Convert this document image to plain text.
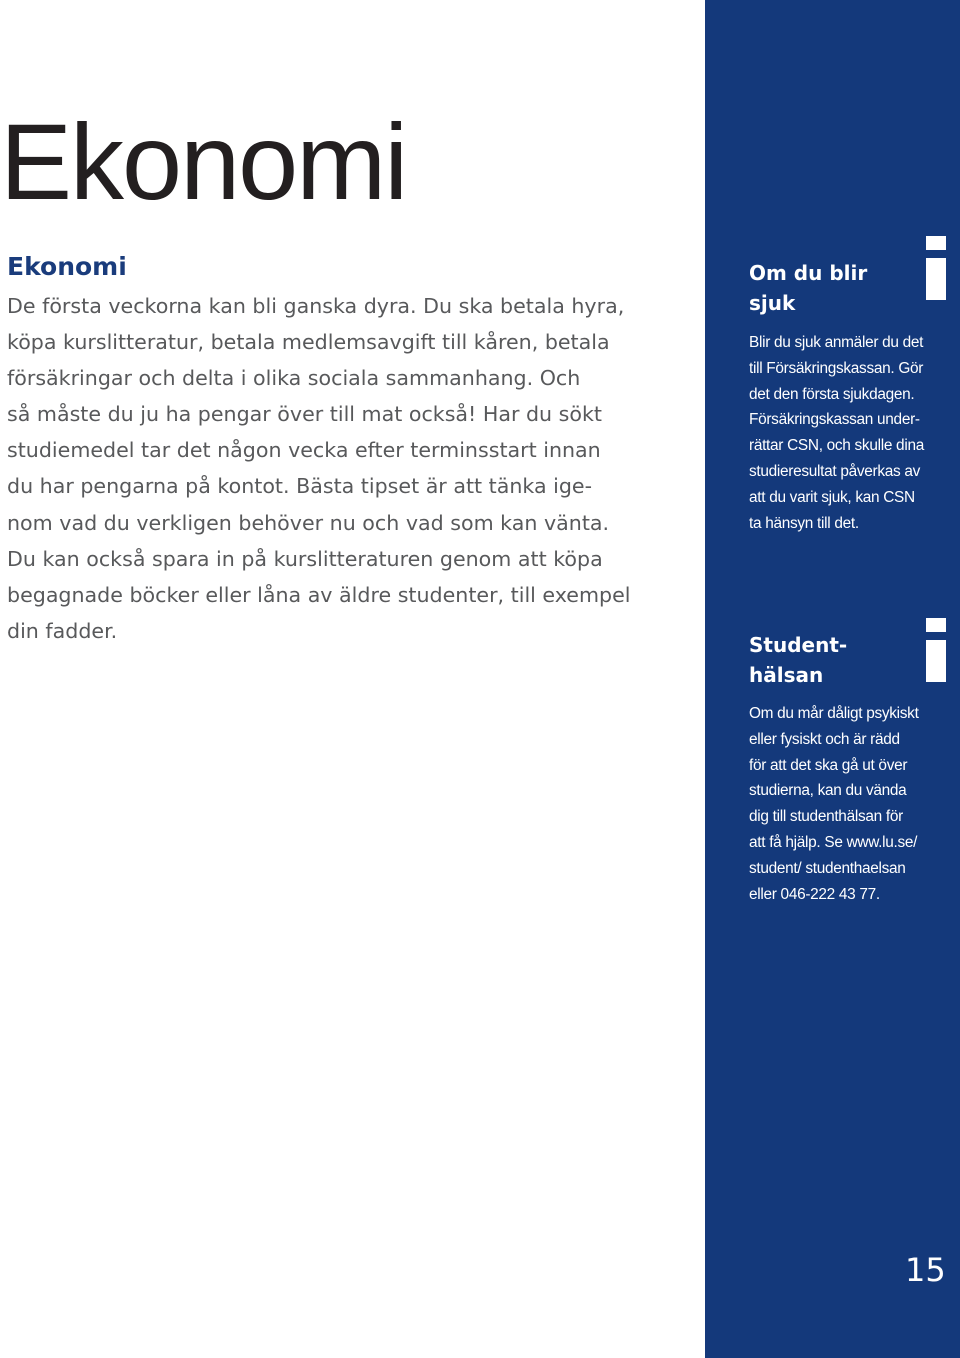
Ekonomi
Ekonomi

De första veckorna kan bli ganska dyra. Du ska betala hyra,
köpa kurslitteratur, betala medlemsavgift till kåren, betala
försäkringar och delta i olika sociala sammanhang. Och
så måste du ju ha pengar över till mat också! Har du sökt
studiemedel tar det någon vecka efter terminsstart innan
du har pengarna på kontot. Bästa tipset är att tänka ige-
nom vad du verkligen behöver nu och vad som kan vänta.
Du kan också spara in på kurslitteraturen genom att köpa
begagnade böcker eller låna av äldre studenter, till exempel
din fadder.

Om du blir
sjuk
Blir du sjuk anmäler du det
till Försäkringskassan. Gör
det den första sjukdagen.
Försäkringskassan under-
rättar CSN, och skulle dina
studieresultat påverkas av
att du varit sjuk, kan CSN
ta hänsyn till det.
Student-
hälsan
Om du mår dåligt psykiskt
eller fysiskt och är rädd
för att det ska gå ut över
studierna, kan du vända
dig till studenthälsan för
att få hjälp. Se www.lu.se/
student/ studenthaelsan
eller 046-222 43 77.
15
